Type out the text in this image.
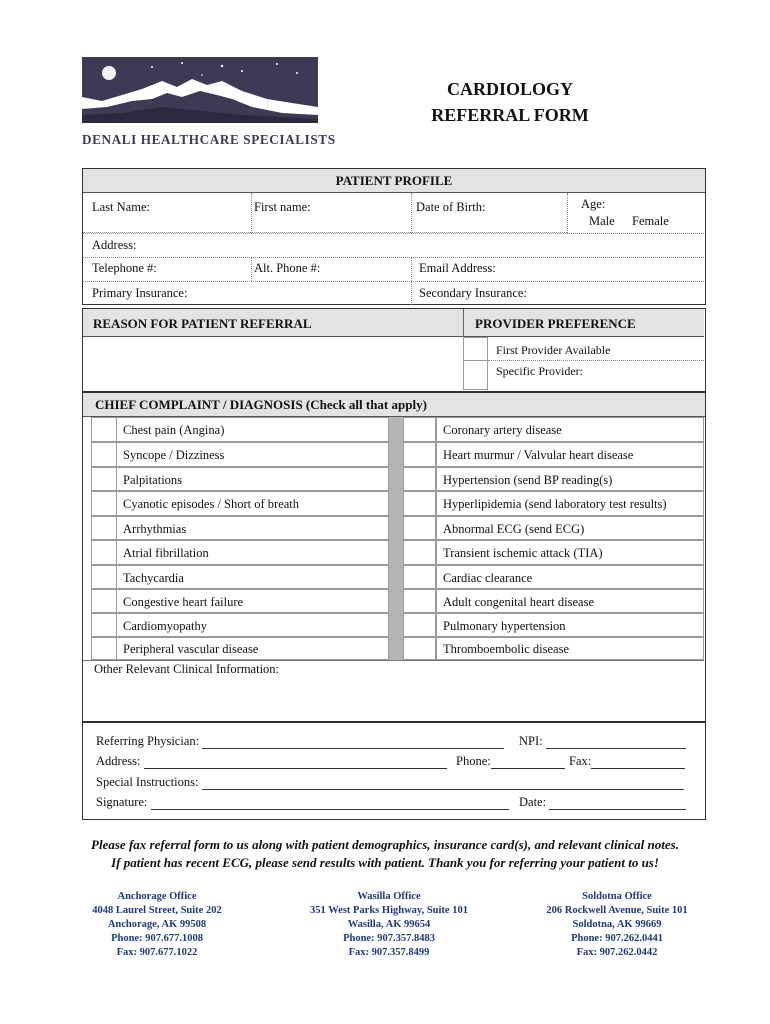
DENALI HEALTHCARE SPECIALISTS
CARDIOLOGY
REFERRAL FORM
PATIENT PROFILE
Last Name:	First name:	Date of Birth:	Age:
Male Female
Address:
Telephone #:	Alt. Phone #:	Email Address:
Primary Insurance:	Secondary Insurance:
REASON FOR PATIENT REFERRAL	PROVIDER PREFERENCE
First Provider Available
Specific Provider:
CHIEF COMPLAINT / DIAGNOSIS (Check all that apply)
Chest pain (Angina)	Coronary artery disease
Syncope / Dizziness	Heart murmur / Valvular heart disease
Palpitations	Hypertension (send BP reading(s)
Cyanotic episodes / Short of breath	Hyperlipidemia (send laboratory test results)
Arrhythmias	Abnormal ECG (send ECG)
Atrial fibrillation	Transient ischemic attack (TIA)
Tachycardia	Cardiac clearance
Congestive heart failure	Adult congenital heart disease
Cardiomyopathy	Pulmonary hypertension
Peripheral vascular disease	Thromboembolic disease
Other Relevant Clinical Information:
Referring Physician:	NPI:
Address:	Phone:	Fax:
Special Instructions:
Signature:	Date:
Please fax referral form to us along with patient demographics, insurance card(s), and relevant clinical notes.
If patient has recent ECG, please send results with patient. Thank you for referring your patient to us!
Anchorage Office
4048 Laurel Street, Suite 202
Anchorage, AK 99508
Phone: 907.677.1008
Fax: 907.677.1022
Wasilla Office
351 West Parks Highway, Suite 101
Wasilla, AK 99654
Phone: 907.357.8483
Fax: 907.357.8499
Soldotna Office
206 Rockwell Avenue, Suite 101
Soldotna, AK 99669
Phone: 907.262.0441
Fax: 907.262.0442
